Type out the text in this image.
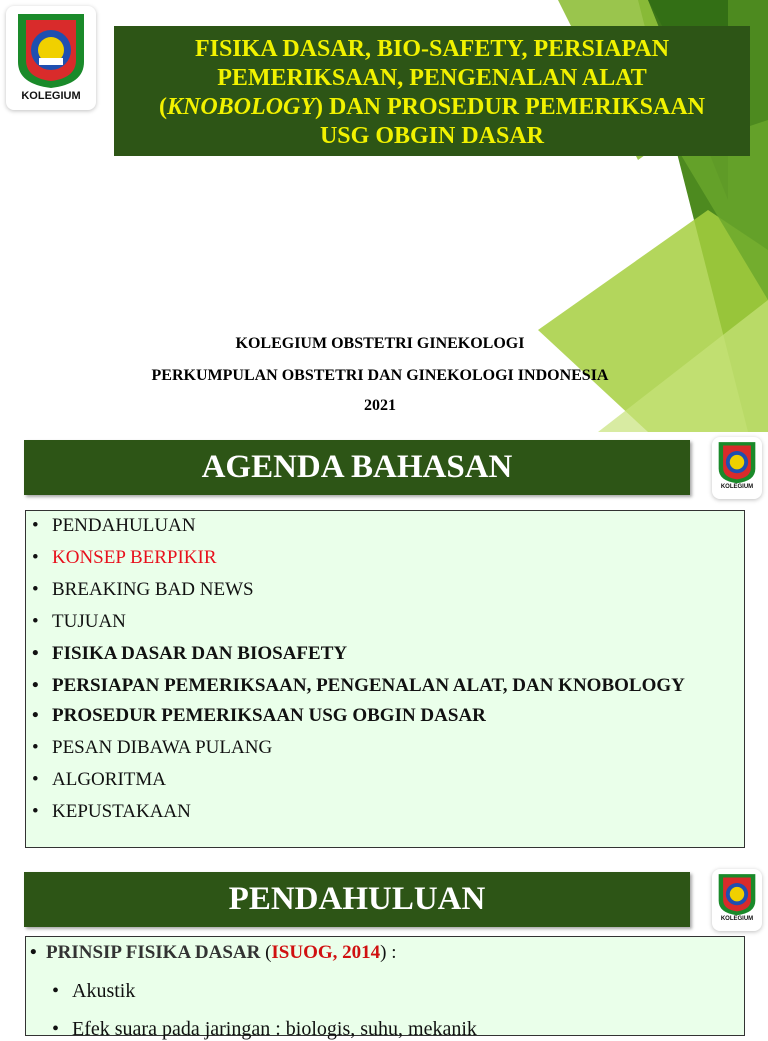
KOLEGIUM
FISIKA DASAR, BIO-SAFETY, PERSIAPAN
PEMERIKSAAN, PENGENALAN ALAT
(KNOBOLOGY) DAN PROSEDUR PEMERIKSAAN
USG OBGIN DASAR
KOLEGIUM OBSTETRI GINEKOLOGI
PERKUMPULAN OBSTETRI DAN GINEKOLOGI INDONESIA
2021
AGENDA BAHASAN
KOLEGIUM
• PENDAHULUAN
• KONSEP BERPIKIR
• BREAKING BAD NEWS
• TUJUAN
• FISIKA DASAR DAN BIOSAFETY
• PERSIAPAN PEMERIKSAAN, PENGENALAN ALAT, DAN KNOBOLOGY
• PROSEDUR PEMERIKSAAN USG OBGIN DASAR
• PESAN DIBAWA PULANG
• ALGORITMA
• KEPUSTAKAAN
PENDAHULUAN
KOLEGIUM
• PRINSIP FISIKA DASAR (ISUOG, 2014) :
• Akustik
• Efek suara pada jaringan : biologis, suhu, mekanik
